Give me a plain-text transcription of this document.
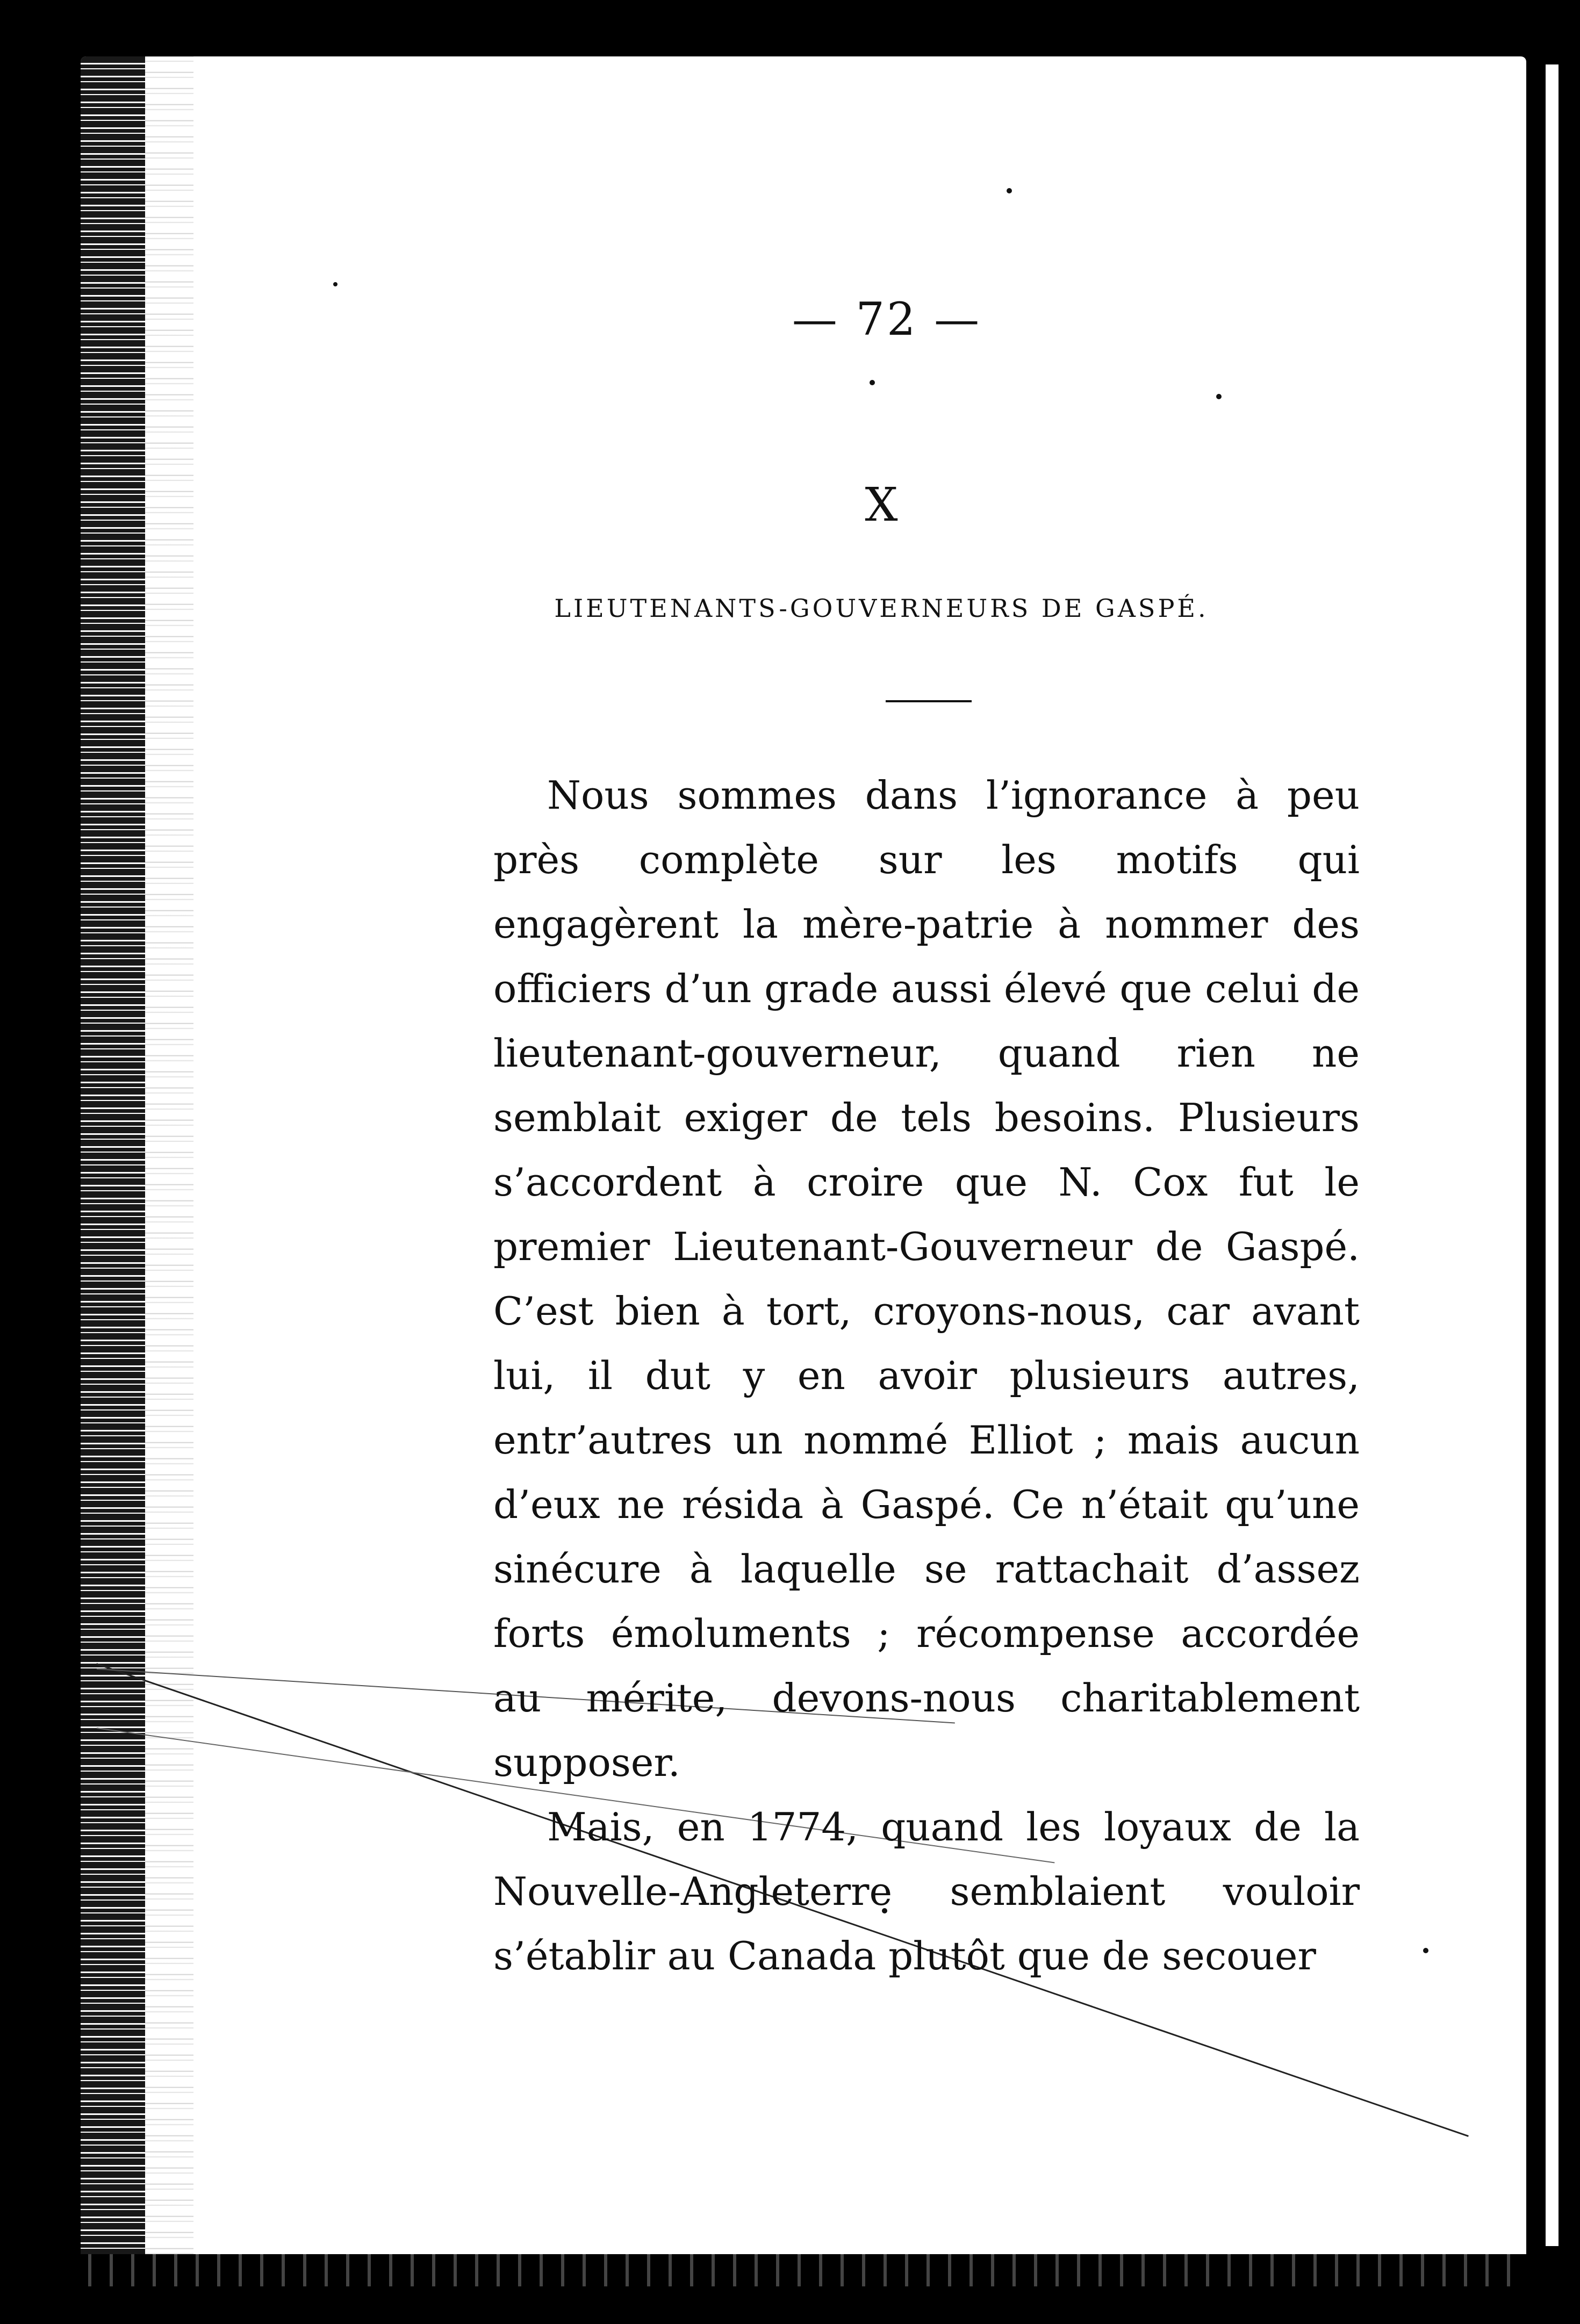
— 72 —
X
LIEUTENANTS-GOUVERNEURS DE GASPÉ.

Nous sommes dans l’ignorance à peu près complète sur les motifs qui engagèrent la mère-patrie à nommer des officiers d’un grade aussi élevé que celui de lieutenant-gouverneur, quand rien ne semblait exiger de tels besoins. Plusieurs s’accordent à croire que N. Cox fut le premier Lieutenant-Gouverneur de Gaspé. C’est bien à tort, croyons-nous, car avant lui, il dut y en avoir plusieurs autres, entr’autres un nommé Elliot ; mais aucun d’eux ne résida à Gaspé. Ce n’était qu’une sinécure à laquelle se rattachait d’assez forts émoluments ; récompense accordée au mérite, devons-nous charitablement supposer.

Mais, en 1774, quand les loyaux de la Nouvelle-Angleterre semblaient vouloir s’établir au Canada plutôt que de secouer
